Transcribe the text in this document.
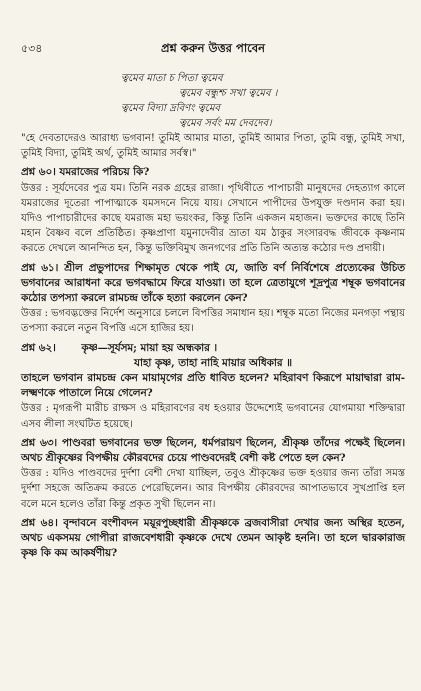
৫৩৪	প্রশ্ন করুন উত্তর পাবেন
ত্বমেব মাতা চ পিতা ত্বমেব
ত্বমেব বন্ধুশ্চ সখা ত্বমেব ।
ত্বমেব বিদ্যা দ্রবিণং ত্বমেব
ত্বমেব সর্বং মম দেবদেব।

"হে দেবতাদেরও আরাধ্য ভগবান! তুমিই আমার মাতা, তুমিই আমার পিতা, তুমি বন্ধু, তুমিই সখা, তুমিই বিদ্যা, তুমিই অর্থ, তুমিই আমার সর্বস্ব।"

প্রশ্ন ৬০। যমরাজের পরিচয় কি?

উত্তর : সূর্যদেবের পুত্র যম। তিনি নরক গ্রহের রাজা। পৃথিবীতে পাপাচারী মানুষদের দেহত্যাগ কালে যমরাজের দূতেরা পাপাত্মাকে যমসদনে নিয়ে যায়। সেখানে পাপীদের উপযুক্ত দণ্ডদান করা হয়। যদিও পাপাচারীদের কাছে যমরাজ মহা ভয়ংকর, কিন্তু তিনি একজন মহাজন। ভক্তদের কাছে তিনি মহান বৈষ্ণব বলে প্রতিষ্ঠিত। কৃষ্ণপ্রাণা যমুনাদেবীর ভ্রাতা যম ঠাকুর সংসারবদ্ধ জীবকে কৃষ্ণনাম করতে দেখলে আনন্দিত হন, কিন্তু ভক্তিবিমুখ জনগণের প্রতি তিনি অত্যন্ত কঠোর দণ্ড প্রদায়ী।

প্রশ্ন ৬১। শ্রীল প্রভুপাদের শিক্ষামৃত থেকে পাই যে, জাতি বর্ণ নির্বিশেষে প্রত্যেকের উচিত ভগবানের আরাধনা করে ভগবদ্ধামে ফিরে যাওয়া। তা হলে ত্রেতাযুগে শূদ্রপুত্র শম্বূক ভগবানের কঠোর তপস্যা করলে রামচন্দ্র তাঁকে হত্যা করলেন কেন?

উত্তর : ভগবদ্ভক্তের নির্দেশ অনুসারে চললে বিপত্তির সমাধান হয়। শম্বূক মতো নিজের মনগড়া পন্থায় তপস্যা করলে নতুন বিপত্তি এসে হাজির হয়।

প্রশ্ন ৬২। কৃষ্ণ—সূর্যসম; মায়া হয় অন্ধকার ।

যাহা কৃষ্ণ, তাহা নাহি মায়ার অধিকার ॥

তাহলে ভগবান রামচন্দ্র কেন মায়ামৃগের প্রতি ধাবিত হলেন? মহিরাবণ কিরূপে মায়াদ্বারা রাম-লক্ষ্মণকে পাতালে নিয়ে গেলেন?

উত্তর : মৃগরূপী মারীচ রাক্ষস ও মহিরাবণের বধ হওয়ার উদ্দেশ্যেই ভগবানের যোগমায়া শক্তিদ্বারা এসব লীলা সংঘটিত হয়েছে।

প্রশ্ন ৬৩। পাণ্ডবরা ভগবানের ভক্ত ছিলেন, ধর্মপরায়ণ ছিলেন, শ্রীকৃষ্ণ তাঁদের পক্ষেই ছিলেন। অথচ শ্রীকৃষ্ণের বিপক্ষীয় কৌরবদের চেয়ে পাণ্ডবদেরই বেশী কষ্ট পেতে হল কেন?

উত্তর : যদিও পাণ্ডবদের দুর্দশা বেশী দেখা যাচ্ছিল, তবুও শ্রীকৃষ্ণের ভক্ত হওয়ার জন্য তাঁরা সমস্ত দুর্দশা সহজে অতিক্রম করতে পেরেছিলেন। আর বিপক্ষীয় কৌরবদের আপাতভাবে সুখপ্রাপ্তি হল বলে মনে হলেও তাঁরা কিন্তু প্রকৃত সুখী ছিলেন না।

প্রশ্ন ৬৪। বৃন্দাবনে বংশীবদন ময়ূরপুচ্ছধারী শ্রীকৃষ্ণকে ব্রজবাসীরা দেখার জন্য অস্থির হতেন, অথচ একসময় গোপীরা রাজবেশধারী কৃষ্ণকে দেখে তেমন আকৃষ্ট হননি। তা হলে দ্বারকারাজ কৃষ্ণ কি কম আকর্ষণীয়?
